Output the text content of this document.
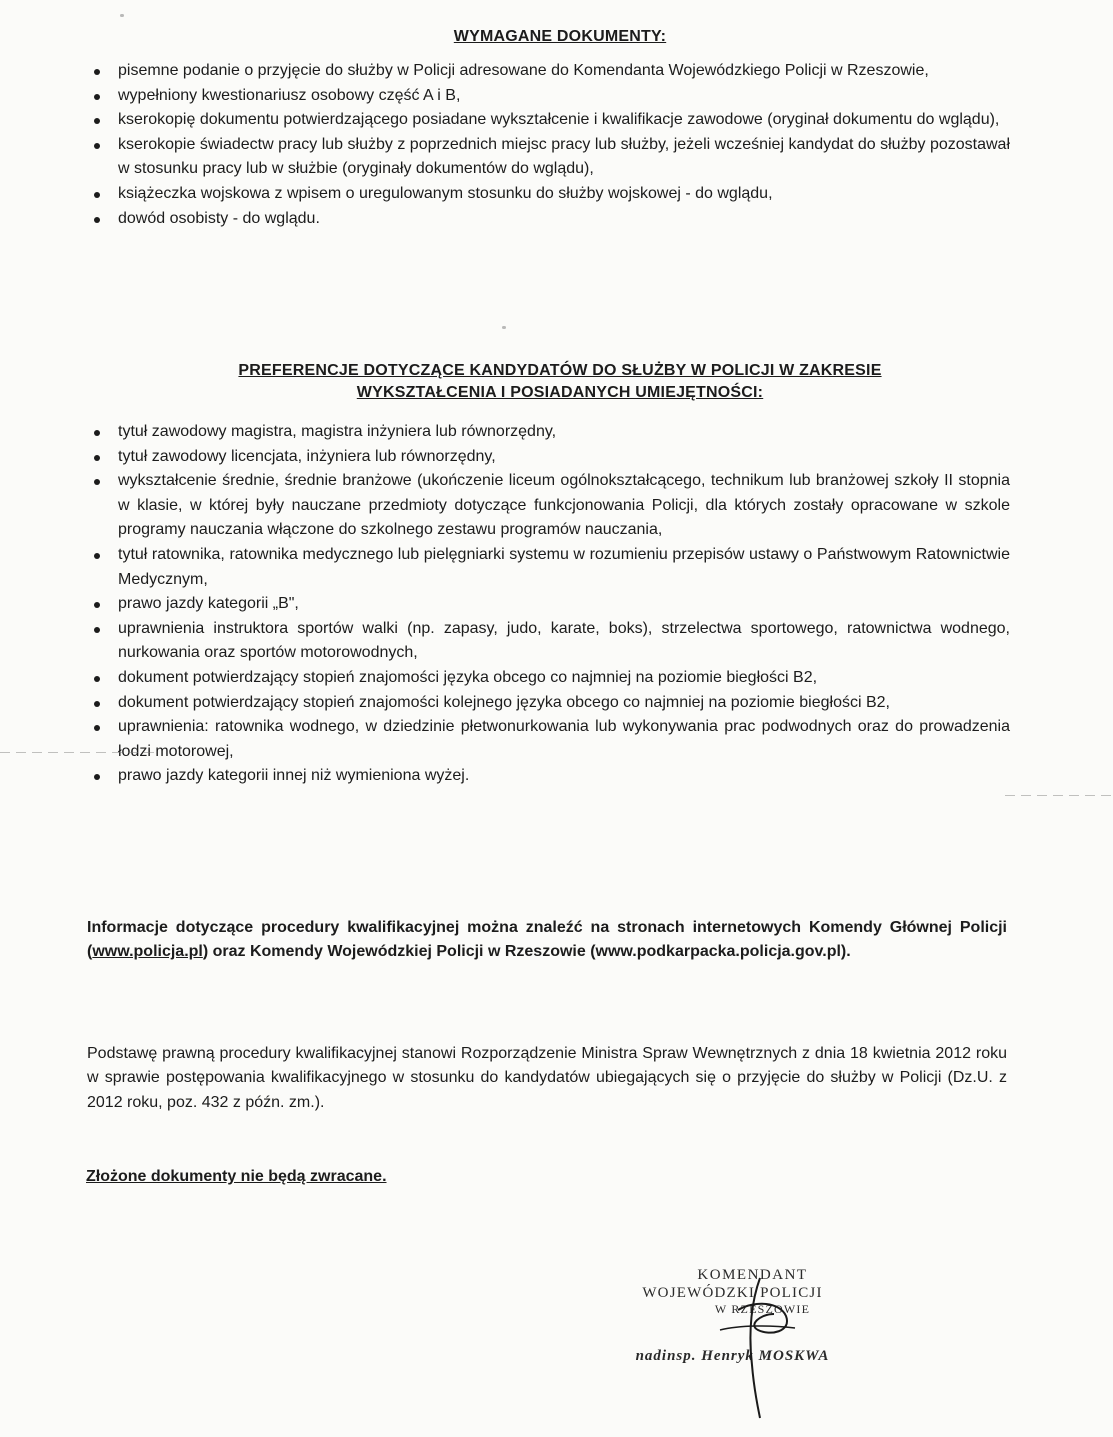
WYMAGANE DOKUMENTY:
pisemne podanie o przyjęcie do służby w Policji adresowane do Komendanta Wojewódzkiego Policji w Rzeszowie,
wypełniony kwestionariusz osobowy część A i B,
kserokopię dokumentu potwierdzającego posiadane wykształcenie i kwalifikacje zawodowe (oryginał dokumentu do wglądu),
kserokopie świadectw pracy lub służby z poprzednich miejsc pracy lub służby, jeżeli wcześniej kandydat do służby pozostawał w stosunku pracy lub w służbie (oryginały dokumentów do wglądu),
książeczka wojskowa z wpisem o uregulowanym stosunku do służby wojskowej - do wglądu,
dowód osobisty - do wglądu.
PREFERENCJE DOTYCZĄCE KANDYDATÓW DO SŁUŻBY W POLICJI W ZAKRESIE
WYKSZTAŁCENIA I POSIADANYCH UMIEJĘTNOŚCI:
tytuł zawodowy magistra, magistra inżyniera lub równorzędny,
tytuł zawodowy licencjata, inżyniera lub równorzędny,
wykształcenie średnie, średnie branżowe (ukończenie liceum ogólnokształcącego, technikum lub branżowej szkoły II stopnia w klasie, w której były nauczane przedmioty dotyczące funkcjonowania Policji, dla których zostały opracowane w szkole programy nauczania włączone do szkolnego zestawu programów nauczania,
tytuł ratownika, ratownika medycznego lub pielęgniarki systemu w rozumieniu przepisów ustawy o Państwowym Ratownictwie Medycznym,
prawo jazdy kategorii „B",
uprawnienia instruktora sportów walki (np. zapasy, judo, karate, boks), strzelectwa sportowego, ratownictwa wodnego, nurkowania oraz sportów motorowodnych,
dokument potwierdzający stopień znajomości języka obcego co najmniej na poziomie biegłości B2,
dokument potwierdzający stopień znajomości kolejnego języka obcego co najmniej na poziomie biegłości B2,
uprawnienia: ratownika wodnego, w dziedzinie płetwonurkowania lub wykonywania prac podwodnych oraz do prowadzenia łodzi motorowej,
prawo jazdy kategorii innej niż wymieniona wyżej.
Informacje dotyczące procedury kwalifikacyjnej można znaleźć na stronach internetowych Komendy Głównej Policji (www.policja.pl) oraz Komendy Wojewódzkiej Policji w Rzeszowie (www.podkarpacka.policja.gov.pl).
Podstawę prawną procedury kwalifikacyjnej stanowi Rozporządzenie Ministra Spraw Wewnętrznych z dnia 18 kwietnia 2012 roku w sprawie postępowania kwalifikacyjnego w stosunku do kandydatów ubiegających się o przyjęcie do służby w Policji (Dz.U. z 2012 roku, poz. 432 z późn. zm.).
Złożone dokumenty nie będą zwracane.
KOMENDANT
WOJEWÓDZKI POLICJI
W RZESZOWIE
nadinsp. Henryk MOSKWA
